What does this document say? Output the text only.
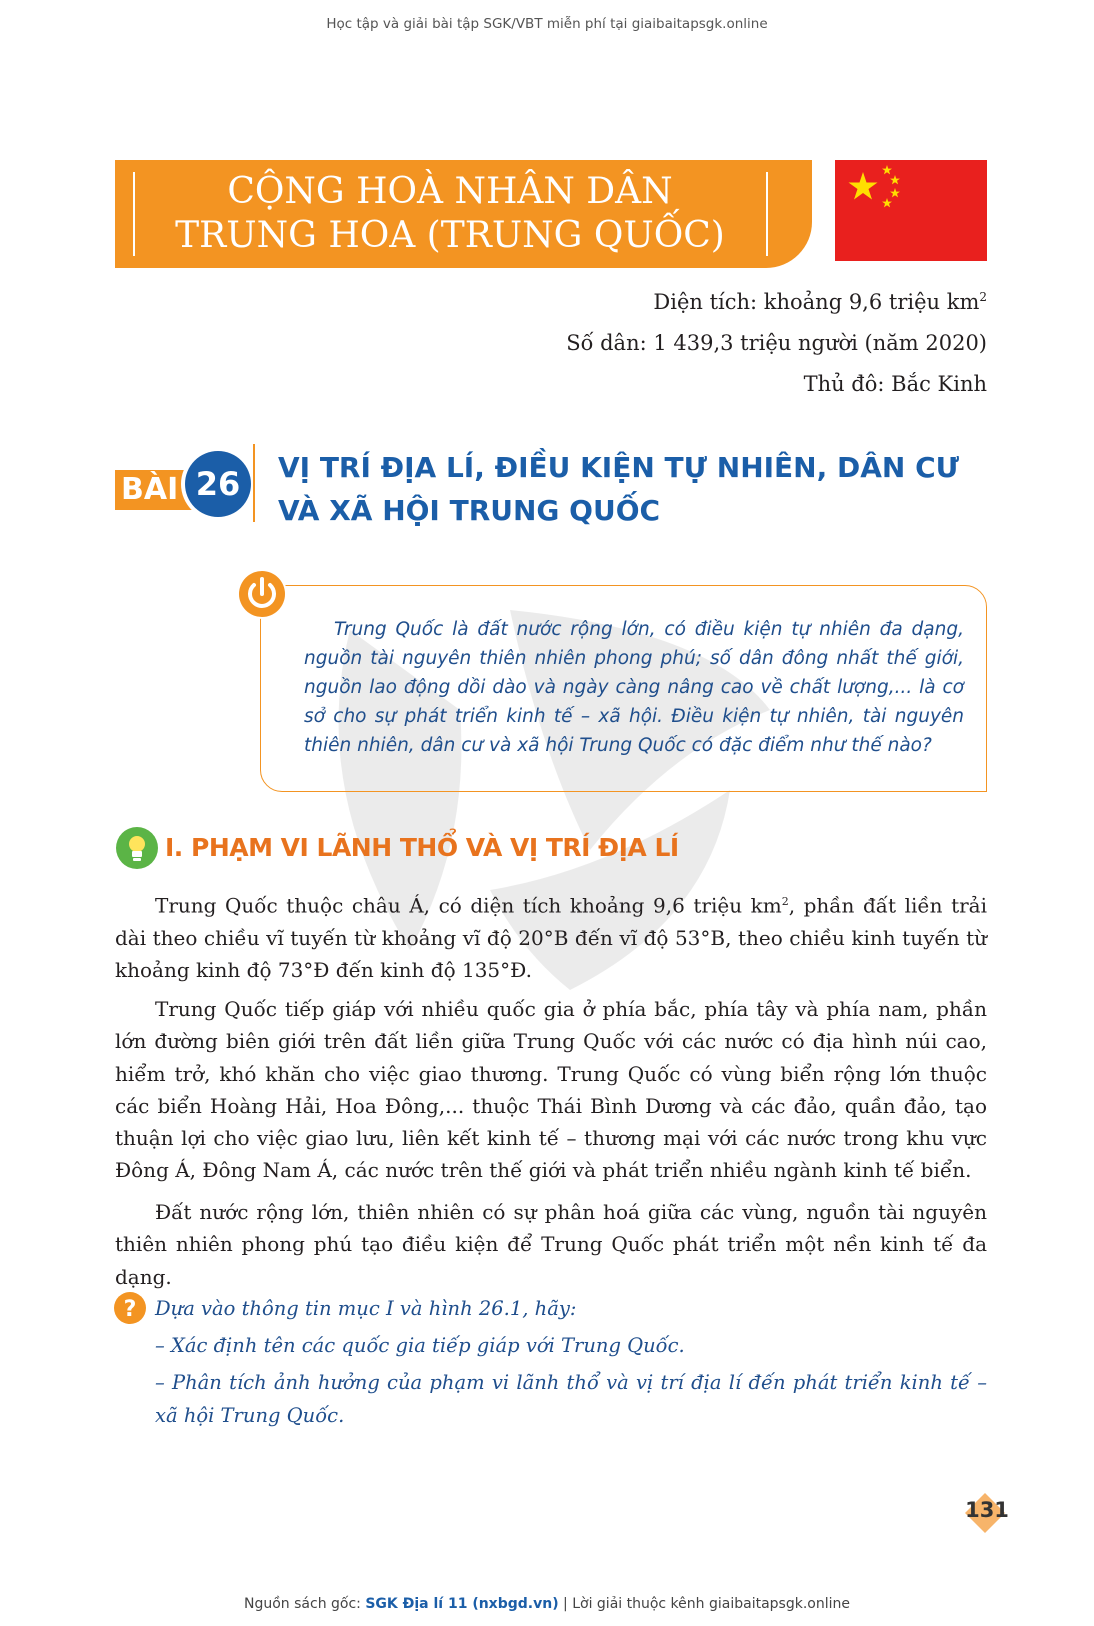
Học tập và giải bài tập SGK/VBT miễn phí tại giaibaitapsgk.online
CỘNG HOÀ NHÂN DÂN
TRUNG HOA (TRUNG QUỐC)
Diện tích: khoảng 9,6 triệu $km^2$
Số dân: 1 439,3 triệu người (năm 2020)
Thủ đô: Bắc Kinh
BÀI 26	VỊ TRÍ ĐỊA LÍ, ĐIỀU KIỆN TỰ NHIÊN, DÂN CƯ
VÀ XÃ HỘI TRUNG QUỐC
Trung Quốc là đất nước rộng lớn, có điều kiện tự nhiên đa dạng, nguồn tài nguyên thiên nhiên phong phú; số dân đông nhất thế giới, nguồn lao động dồi dào và ngày càng nâng cao về chất lượng,... là cơ sở cho sự phát triển kinh tế – xã hội. Điều kiện tự nhiên, tài nguyên thiên nhiên, dân cư và xã hội Trung Quốc có đặc điểm như thế nào?
I. PHẠM VI LÃNH THỔ VÀ VỊ TRÍ ĐỊA LÍ
Trung Quốc thuộc châu Á, có diện tích khoảng 9,6 triệu $km^2$, phần đất liền trải dài theo chiều vĩ tuyến từ khoảng vĩ độ 20°B đến vĩ độ 53°B, theo chiều kinh tuyến từ khoảng kinh độ 73°Đ đến kinh độ 135°Đ.
Trung Quốc tiếp giáp với nhiều quốc gia ở phía bắc, phía tây và phía nam, phần lớn đường biên giới trên đất liền giữa Trung Quốc với các nước có địa hình núi cao, hiểm trở, khó khăn cho việc giao thương. Trung Quốc có vùng biển rộng lớn thuộc các biển Hoàng Hải, Hoa Đông,... thuộc Thái Bình Dương và các đảo, quần đảo, tạo thuận lợi cho việc giao lưu, liên kết kinh tế – thương mại với các nước trong khu vực Đông Á, Đông Nam Á, các nước trên thế giới và phát triển nhiều ngành kinh tế biển.
Đất nước rộng lớn, thiên nhiên có sự phân hoá giữa các vùng, nguồn tài nguyên thiên nhiên phong phú tạo điều kiện để Trung Quốc phát triển một nền kinh tế đa dạng.
? Dựa vào thông tin mục I và hình 26.1, hãy:
– Xác định tên các quốc gia tiếp giáp với Trung Quốc.
– Phân tích ảnh hưởng của phạm vi lãnh thổ và vị trí địa lí đến phát triển kinh tế – xã hội Trung Quốc.
131
Nguồn sách gốc: SGK Địa lí 11 (nxbgd.vn) | Lời giải thuộc kênh giaibaitapsgk.online
